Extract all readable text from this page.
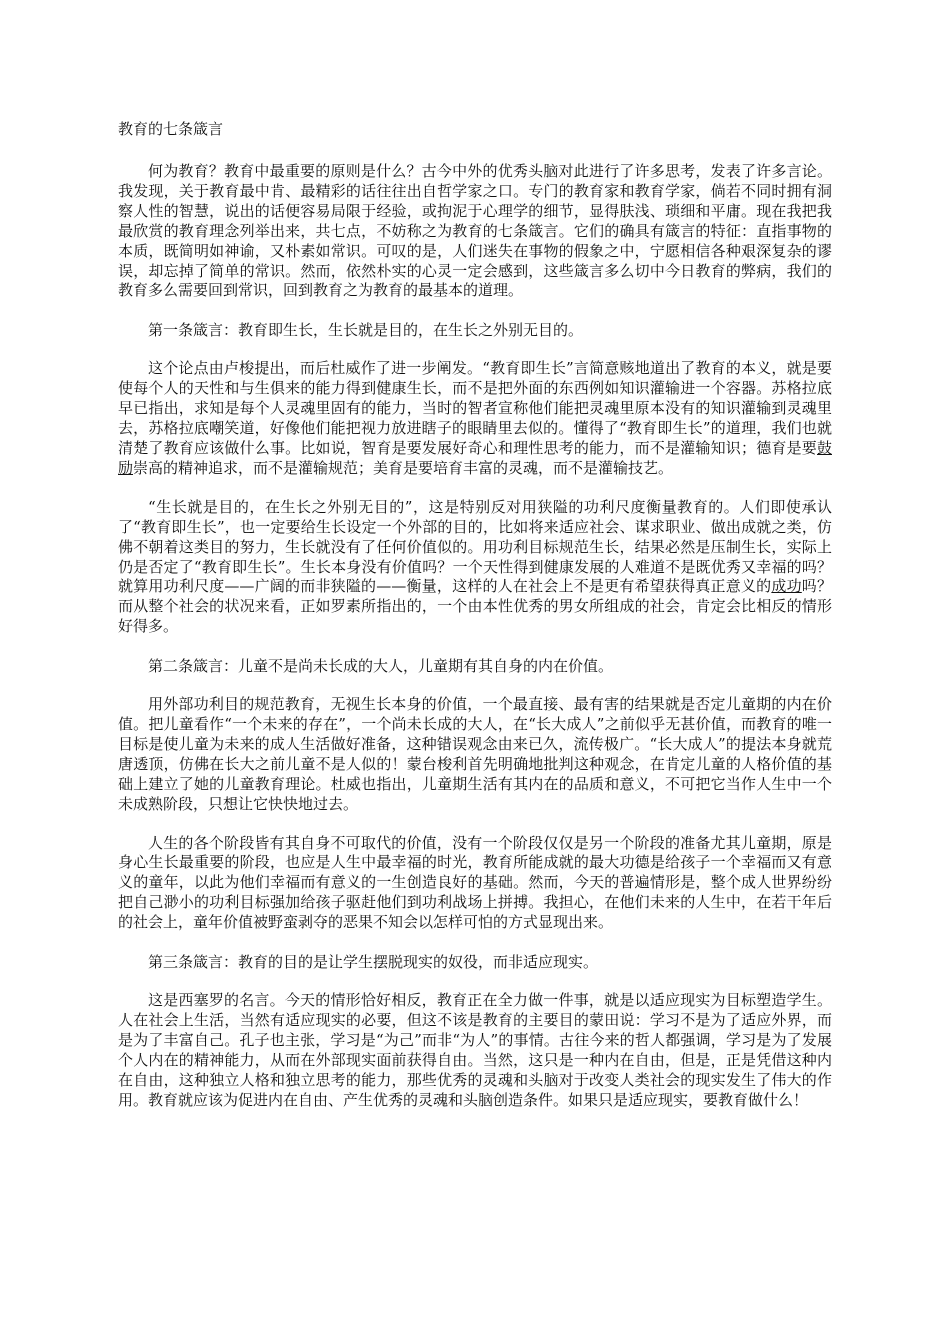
教育的七条箴言

何为教育？教育中最重要的原则是什么？古今中外的优秀头脑对此进行了许多思考，发表了许多言论。我发现，关于教育最中肯、最精彩的话往往出自哲学家之口。专门的教育家和教育学家，倘若不同时拥有洞察人性的智慧，说出的话便容易局限于经验，或拘泥于心理学的细节，显得肤浅、琐细和平庸。现在我把我最欣赏的教育理念列举出来，共七点，不妨称之为教育的七条箴言。它们的确具有箴言的特征：直指事物的本质，既简明如神谕，又朴素如常识。可叹的是，人们迷失在事物的假象之中，宁愿相信各种艰深复杂的谬误，却忘掉了简单的常识。然而，依然朴实的心灵一定会感到，这些箴言多么切中今日教育的弊病，我们的教育多么需要回到常识，回到教育之为教育的最基本的道理。

第一条箴言：教育即生长，生长就是目的，在生长之外别无目的。

这个论点由卢梭提出，而后杜威作了进一步阐发。“教育即生长”言简意赅地道出了教育的本义，就是要使每个人的天性和与生俱来的能力得到健康生长，而不是把外面的东西例如知识灌输进一个容器。苏格拉底早已指出，求知是每个人灵魂里固有的能力，当时的智者宣称他们能把灵魂里原本没有的知识灌输到灵魂里去，苏格拉底嘲笑道，好像他们能把视力放进瞎子的眼睛里去似的。懂得了“教育即生长”的道理，我们也就清楚了教育应该做什么事。比如说，智育是要发展好奇心和理性思考的能力，而不是灌输知识；德育是要鼓励崇高的精神追求，而不是灌输规范；美育是要培育丰富的灵魂，而不是灌输技艺。

“生长就是目的，在生长之外别无目的”，这是特别反对用狭隘的功利尺度衡量教育的。人们即使承认了“教育即生长”，也一定要给生长设定一个外部的目的，比如将来适应社会、谋求职业、做出成就之类，仿佛不朝着这类目的努力，生长就没有了任何价值似的。用功利目标规范生长，结果必然是压制生长，实际上仍是否定了“教育即生长”。生长本身没有价值吗？一个天性得到健康发展的人难道不是既优秀又幸福的吗？就算用功利尺度——广阔的而非狭隘的——衡量，这样的人在社会上不是更有希望获得真正意义的成功吗？而从整个社会的状况来看，正如罗素所指出的，一个由本性优秀的男女所组成的社会，肯定会比相反的情形好得多。

第二条箴言：儿童不是尚未长成的大人，儿童期有其自身的内在价值。

用外部功利目的规范教育，无视生长本身的价值，一个最直接、最有害的结果就是否定儿童期的内在价值。把儿童看作“一个未来的存在”，一个尚未长成的大人，在“长大成人”之前似乎无甚价值，而教育的唯一目标是使儿童为未来的成人生活做好准备，这种错误观念由来已久，流传极广。“长大成人”的提法本身就荒唐透顶，仿佛在长大之前儿童不是人似的！蒙台梭利首先明确地批判这种观念，在肯定儿童的人格价值的基础上建立了她的儿童教育理论。杜威也指出，儿童期生活有其内在的品质和意义，不可把它当作人生中一个未成熟阶段，只想让它快快地过去。

人生的各个阶段皆有其自身不可取代的价值，没有一个阶段仅仅是另一个阶段的准备尤其儿童期，原是身心生长最重要的阶段，也应是人生中最幸福的时光，教育所能成就的最大功德是给孩子一个幸福而又有意义的童年，以此为他们幸福而有意义的一生创造良好的基础。然而，今天的普遍情形是，整个成人世界纷纷把自己渺小的功利目标强加给孩子驱赶他们到功利战场上拼搏。我担心，在他们未来的人生中，在若干年后的社会上，童年价值被野蛮剥夺的恶果不知会以怎样可怕的方式显现出来。

第三条箴言：教育的目的是让学生摆脱现实的奴役，而非适应现实。

这是西塞罗的名言。今天的情形恰好相反，教育正在全力做一件事，就是以适应现实为目标塑造学生。人在社会上生活，当然有适应现实的必要，但这不该是教育的主要目的蒙田说：学习不是为了适应外界，而是为了丰富自己。孔子也主张，学习是“为己”而非“为人”的事情。古往今来的哲人都强调，学习是为了发展个人内在的精神能力，从而在外部现实面前获得自由。当然，这只是一种内在自由，但是，正是凭借这种内在自由，这种独立人格和独立思考的能力，那些优秀的灵魂和头脑对于改变人类社会的现实发生了伟大的作用。教育就应该为促进内在自由、产生优秀的灵魂和头脑创造条件。如果只是适应现实，要教育做什么！
